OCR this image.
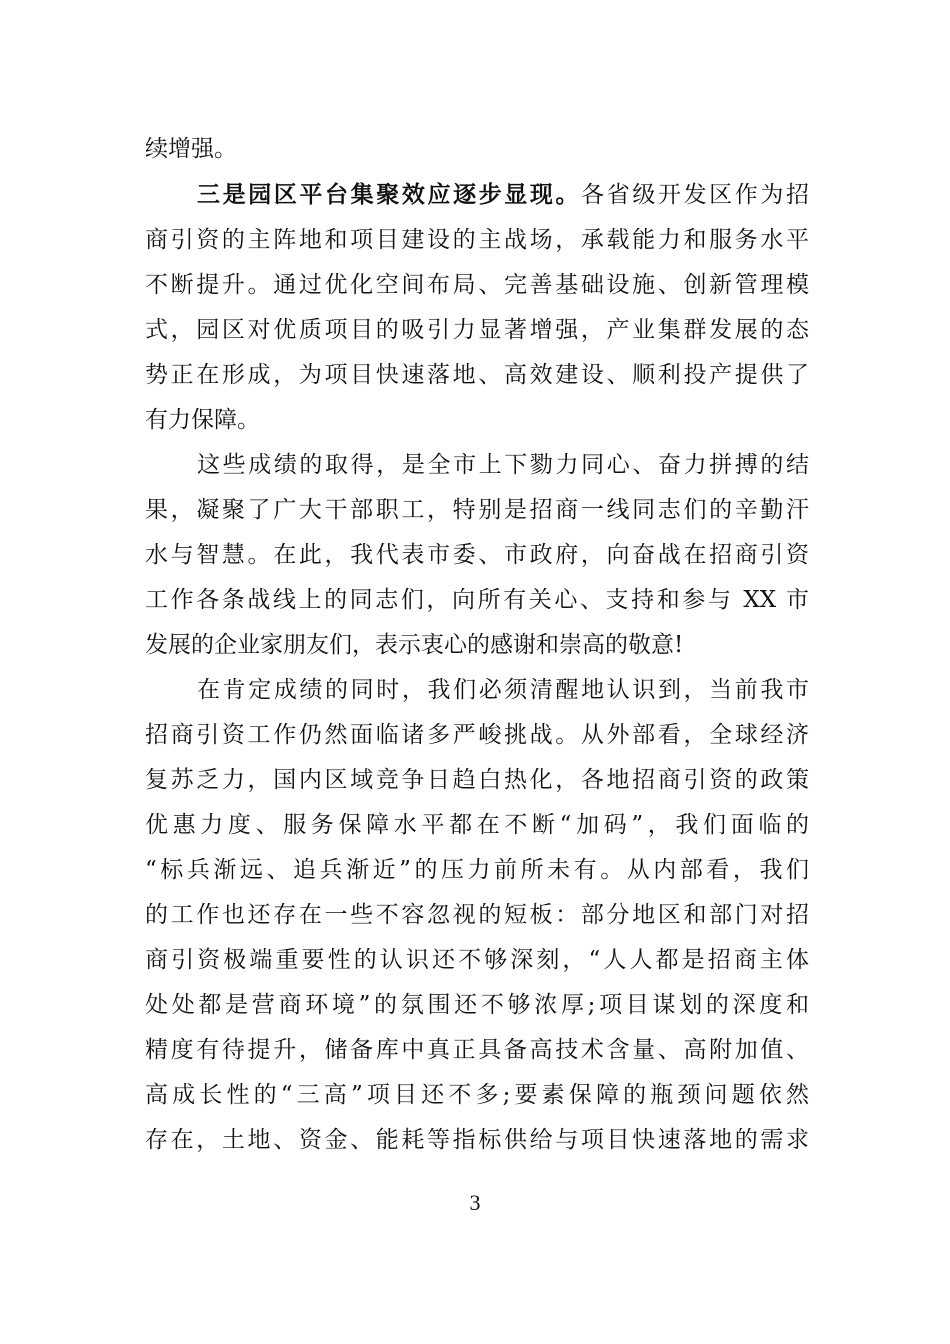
续增强。
三是园区平台集聚效应逐步显现。各省级开发区作为招
商引资的主阵地和项目建设的主战场，承载能力和服务水平
不断提升。通过优化空间布局、完善基础设施、创新管理模
式，园区对优质项目的吸引力显著增强，产业集群发展的态
势正在形成，为项目快速落地、高效建设、顺利投产提供了
有力保障。
这些成绩的取得，是全市上下勠力同心、奋力拼搏的结
果，凝聚了广大干部职工，特别是招商一线同志们的辛勤汗
水与智慧。在此，我代表市委、市政府，向奋战在招商引资
工作各条战线上的同志们，向所有关心、支持和参与 XX 市
发展的企业家朋友们，表示衷心的感谢和崇高的敬意!
在肯定成绩的同时，我们必须清醒地认识到，当前我市
招商引资工作仍然面临诸多严峻挑战。从外部看，全球经济
复苏乏力，国内区域竞争日趋白热化，各地招商引资的政策
优惠力度、服务保障水平都在不断“加码”，我们面临的
“标兵渐远、追兵渐近”的压力前所未有。从内部看，我们
的工作也还存在一些不容忽视的短板：部分地区和部门对招
商引资极端重要性的认识还不够深刻，“人人都是招商主体
处处都是营商环境”的氛围还不够浓厚;项目谋划的深度和
精度有待提升，储备库中真正具备高技术含量、高附加值、
高成长性的“三高”项目还不多;要素保障的瓶颈问题依然
存在，土地、资金、能耗等指标供给与项目快速落地的需求
3
